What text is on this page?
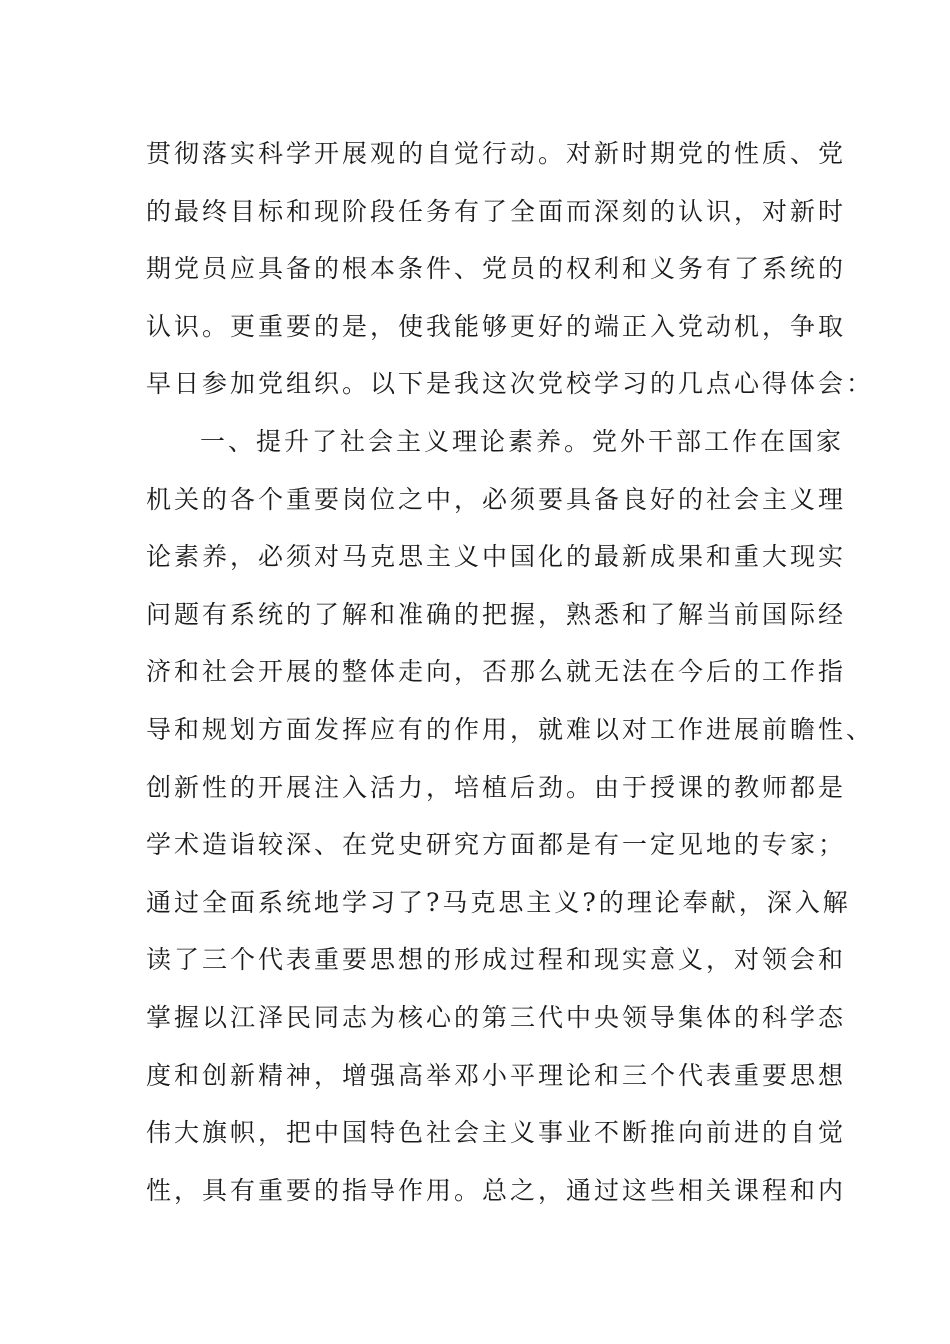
贯彻落实科学开展观的自觉行动。对新时期党的性质、党

的最终目标和现阶段任务有了全面而深刻的认识，对新时

期党员应具备的根本条件、党员的权利和义务有了系统的

认识。更重要的是，使我能够更好的端正入党动机，争取

早日参加党组织。以下是我这次党校学习的几点心得体会：

一、提升了社会主义理论素养。党外干部工作在国家

机关的各个重要岗位之中，必须要具备良好的社会主义理

论素养，必须对马克思主义中国化的最新成果和重大现实

问题有系统的了解和准确的把握，熟悉和了解当前国际经

济和社会开展的整体走向，否那么就无法在今后的工作指

导和规划方面发挥应有的作用，就难以对工作进展前瞻性、

创新性的开展注入活力，培植后劲。由于授课的教师都是

学术造诣较深、在党史研究方面都是有一定见地的专家；

通过全面系统地学习了?马克思主义?的理论奉献，深入解

读了三个代表重要思想的形成过程和现实意义，对领会和

掌握以江泽民同志为核心的第三代中央领导集体的科学态

度和创新精神，增强高举邓小平理论和三个代表重要思想

伟大旗帜，把中国特色社会主义事业不断推向前进的自觉

性，具有重要的指导作用。总之，通过这些相关课程和内
